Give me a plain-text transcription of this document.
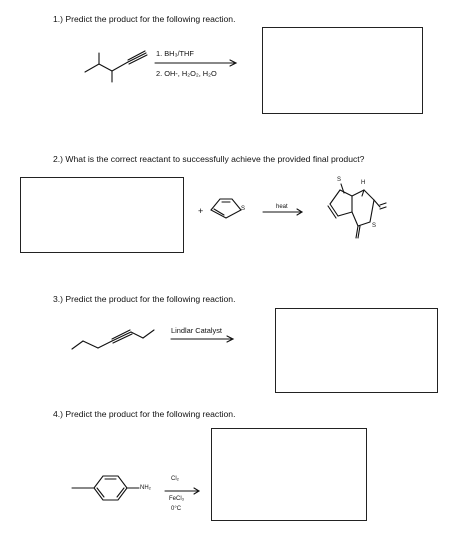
1.) Predict the product for the following reaction.
2.) What is the correct reactant to successfully achieve the provided final product?
3.) Predict the product for the following reaction.
4.) Predict the product for the following reaction.
1. BH₃/THF
2. OH-, H₂O₂, H₂O
+	heat
S
S	H
S
Lindlar Catalyst
NH₂
Cl₂
FeCl₃
0°C
